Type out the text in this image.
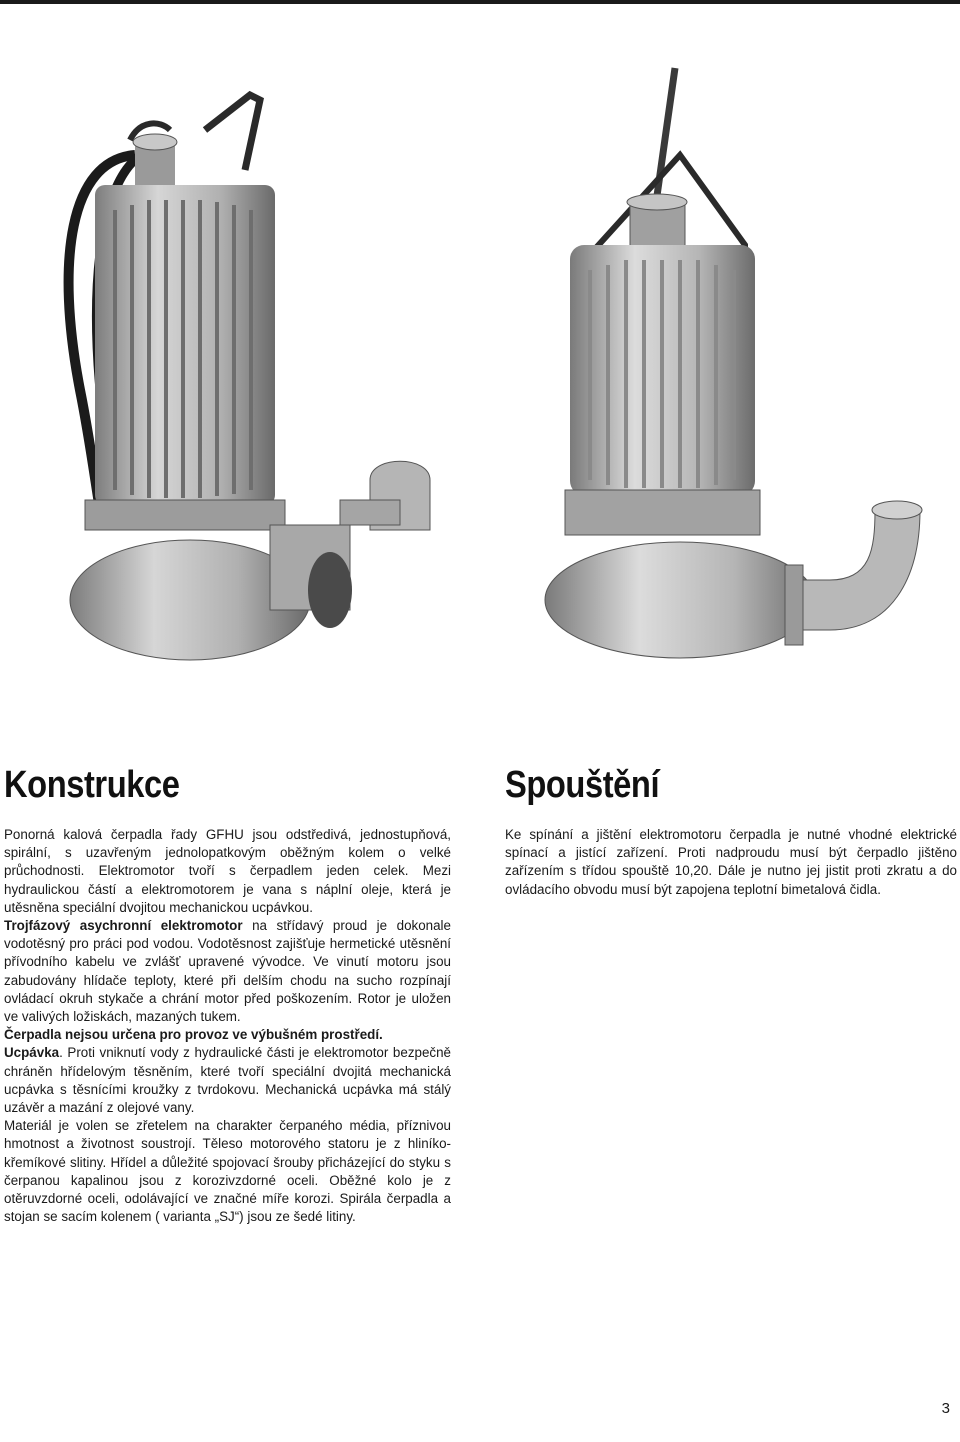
Konstrukce

Ponorná kalová čerpadla řady GFHU jsou odstředivá, jednostupňová, spirální, s uzavřeným jednolopatkovým oběžným kolem o velké průchodnosti. Elektromotor tvoří s čerpadlem jeden celek. Mezi hydraulickou částí a elektromotorem je vana s náplní oleje, která je utěsněna speciální dvojitou mechanickou ucpávkou.

Trojfázový asychronní elektromotor na střídavý proud je dokonale vodotěsný pro práci pod vodou. Vodotěsnost zajišťuje hermetické utěsnění přívodního kabelu ve zvlášť upravené vývodce. Ve vinutí motoru jsou zabudovány hlídače teploty, které při delším chodu na sucho rozpínají ovládací okruh stykače a chrání motor před poškozením. Rotor je uložen ve valivých ložiskách, mazaných tukem.

Čerpadla nejsou určena pro provoz ve výbušném prostředí.

Ucpávka. Proti vniknutí vody z hydraulické části je elektromotor bezpečně chráněn hřídelovým těsněním, které tvoří speciální dvojitá mechanická ucpávka s těsnícími kroužky z tvrdokovu. Mechanická ucpávka má stálý uzávěr a mazání z olejové vany.

Materiál je volen se zřetelem na charakter čerpaného média, příznivou hmotnost a životnost soustrojí. Těleso motorového statoru je z hliníko-křemíkové slitiny. Hřídel a důležité spojovací šrouby přicházející do styku s čerpanou kapalinou jsou z korozivzdorné oceli. Oběžné kolo je z otěruvzdorné oceli, odolávající ve značné míře korozi. Spirála čerpadla a stojan se sacím kolenem ( varianta „SJ“) jsou ze šedé litiny.

Spouštění

Ke spínání a jištění elektromotoru čerpadla je nutné vhodné elektrické spínací a jistící zařízení. Proti nadproudu musí být čerpadlo jištěno zařízením s třídou spouště 10,20. Dále je nutno jej jistit proti zkratu a do ovládacího obvodu musí být zapojena teplotní bimetalová čidla.

3
